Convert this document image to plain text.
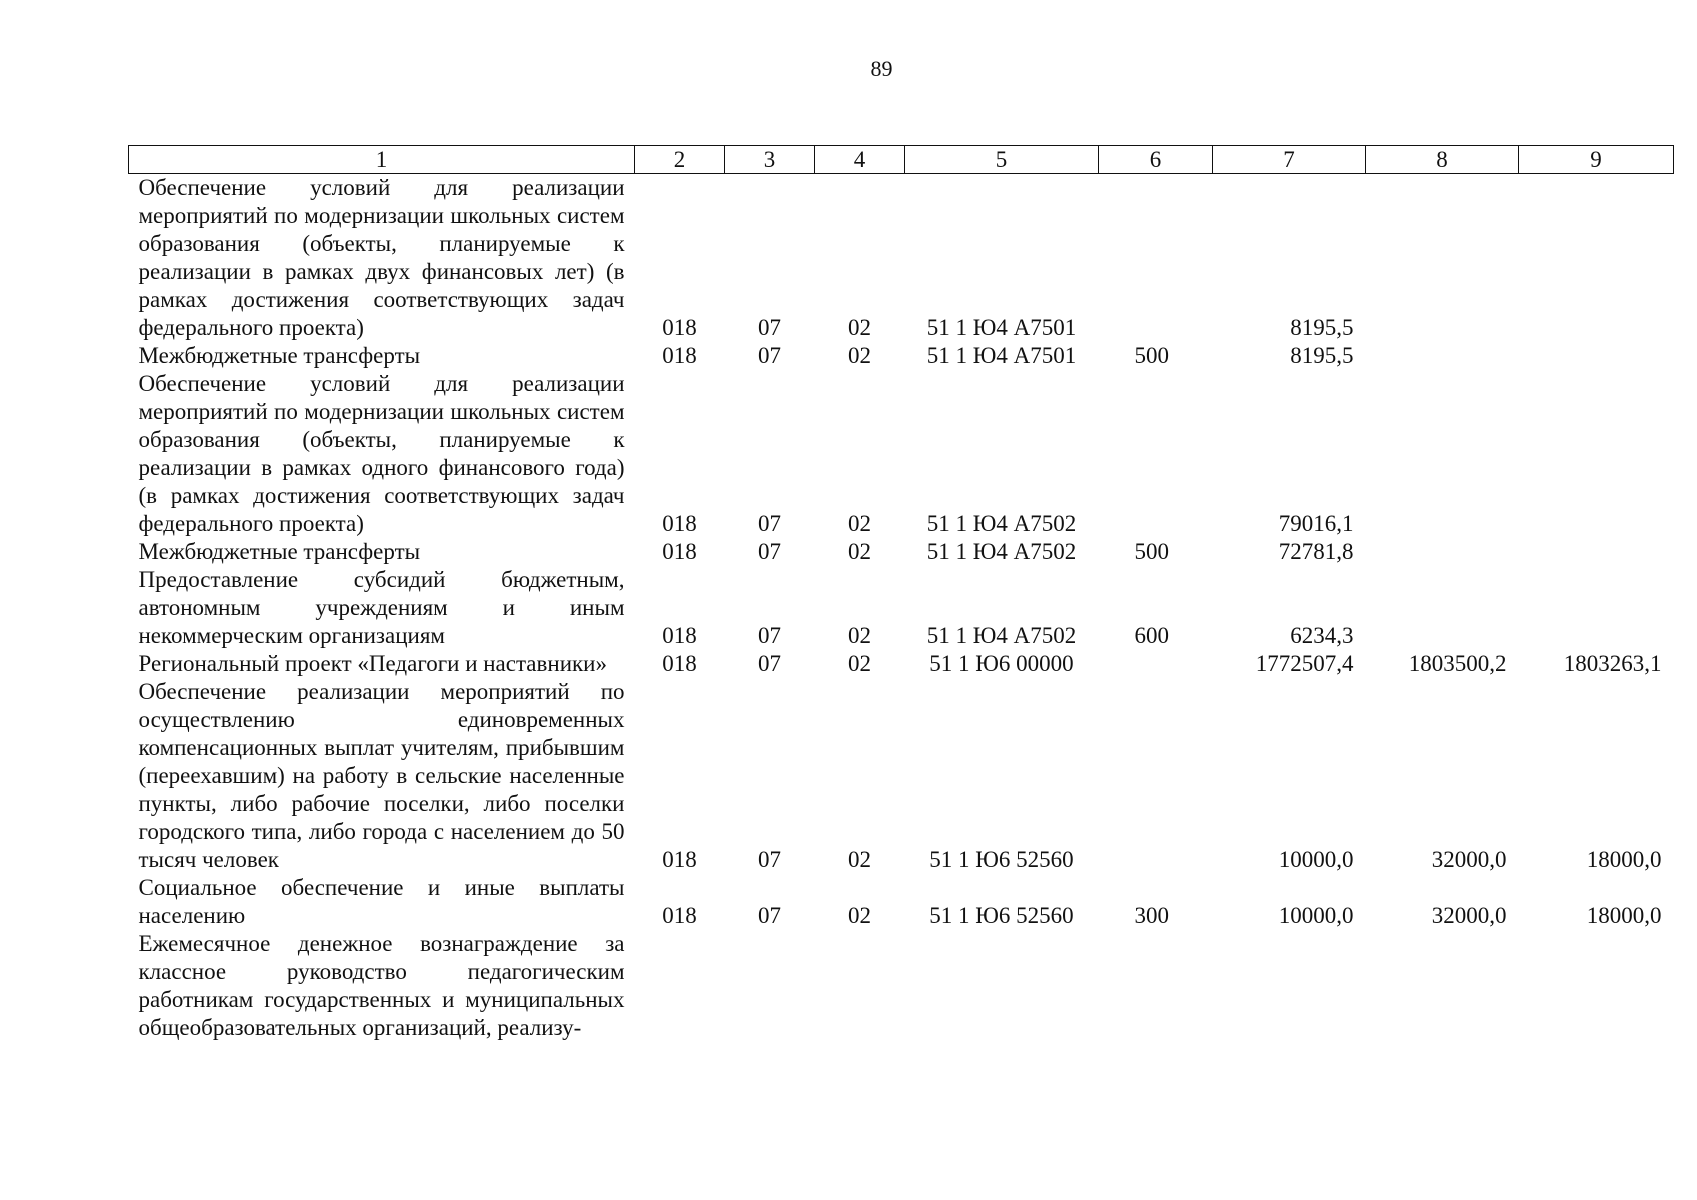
89
1	2	3	4	5	6	7	8	9
Обеспечение условий для реализации мероприятий по модернизации школьных систем образования (объекты, планируемые к реализации в рамках двух финансовых лет) (в рамках достижения соответствующих задач федерального проекта)	018	07	02	51 1 Ю4 А7501		8195,5		
Межбюджетные трансферты	018	07	02	51 1 Ю4 А7501	500	8195,5		
Обеспечение условий для реализации мероприятий по модернизации школьных систем образования (объекты, планируемые к реализации в рамках одного финансового года) (в рамках достижения соответствующих задач федерального проекта)	018	07	02	51 1 Ю4 А7502		79016,1		
Межбюджетные трансферты	018	07	02	51 1 Ю4 А7502	500	72781,8		
Предоставление субсидий бюджетным, автономным учреждениям и иным некоммерческим организациям	018	07	02	51 1 Ю4 А7502	600	6234,3		
Региональный проект «Педагоги и наставники»	018	07	02	51 1 Ю6 00000		1772507,4	1803500,2	1803263,1
Обеспечение реализации мероприятий по осуществлению единовременных компенсационных выплат учителям, прибывшим (переехавшим) на работу в сельские населенные пункты, либо рабочие поселки, либо поселки городского типа, либо города с населением до 50 тысяч человек	018	07	02	51 1 Ю6 52560		10000,0	32000,0	18000,0
Социальное обеспечение и иные выплаты населению	018	07	02	51 1 Ю6 52560	300	10000,0	32000,0	18000,0
Ежемесячное денежное вознаграждение за классное руководство педагогическим работникам государственных и муниципальных общеобразовательных организаций, реализу-								
